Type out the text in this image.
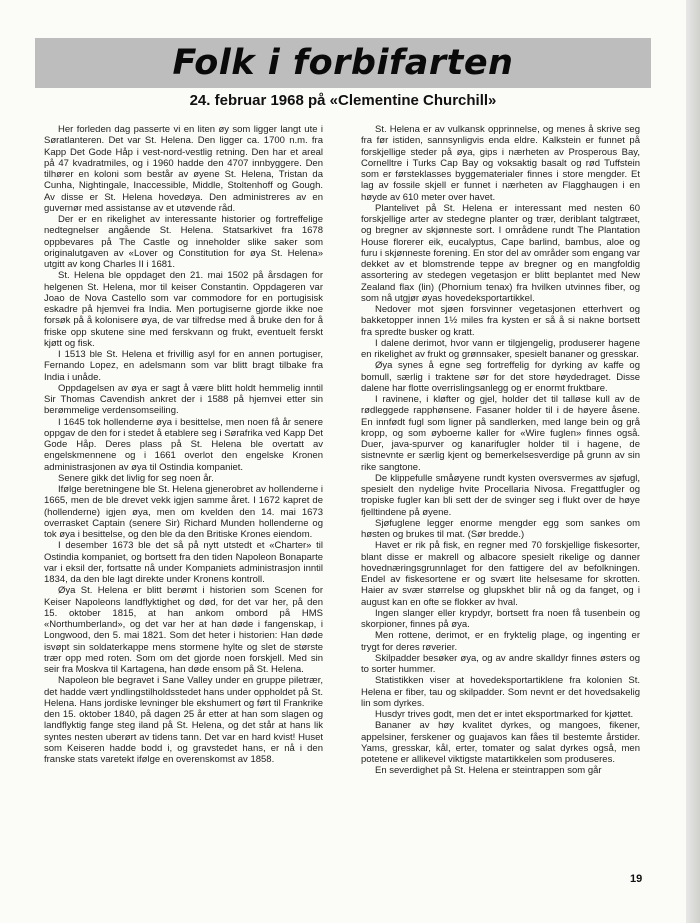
Folk i forbifarten
24. februar 1968 på «Clementine Churchill»

Her forleden dag passerte vi en liten øy som ligger langt ute i Søratlanteren. Det var St. Helena. Den ligger ca. 1700 n.m. fra Kapp Det Gode Håp i vest-nord-vestlig retning. Den har et areal på 47 kvadratmiles, og i 1960 hadde den 4707 innbyggere. Den tilhører en koloni som består av øyene St. Helena, Tristan da Cunha, Nightingale, Inaccessible, Middle, Stoltenhoff og Gough. Av disse er St. Helena hovedøya. Den administreres av en guvernør med assistanse av et utøvende råd.

Der er en rikelighet av interessante historier og fortreffelige nedtegnelser angående St. Helena. Statsarkivet fra 1678 oppbevares på The Castle og inneholder slike saker som originalutgaven av «Lover og Constitution for øya St. Helena» utgitt av kong Charles II i 1681.

St. Helena ble oppdaget den 21. mai 1502 på årsdagen for helgenen St. Helena, mor til keiser Constantin. Oppdageren var Joao de Nova Castello som var commodore for en portugisisk eskadre på hjemvei fra India. Men portugiserne gjorde ikke noe forsøk på å kolonisere øya, de var tilfredse med å bruke den for å friske opp skutene sine med ferskvann og frukt, eventuelt ferskt kjøtt og fisk.

I 1513 ble St. Helena et frivillig asyl for en annen portugiser, Fernando Lopez, en adelsmann som var blitt bragt tilbake fra India i unåde.

Oppdagelsen av øya er sagt å være blitt holdt hemmelig inntil Sir Thomas Cavendish ankret der i 1588 på hjemvei etter sin berømmelige verdensomseiling.

I 1645 tok hollenderne øya i besittelse, men noen få år senere oppgav de den for i stedet å etablere seg i Sørafrika ved Kapp Det Gode Håp. Deres plass på St. Helena ble overtatt av engelskmennene og i 1661 overlot den engelske Kronen administrasjonen av øya til Ostindia kompaniet.

Senere gikk det livlig for seg noen år.

Ifølge beretningene ble St. Helena gjenerobret av hollenderne i 1665, men de ble drevet vekk igjen samme året. I 1672 kapret de (hollenderne) igjen øya, men om kvelden den 14. mai 1673 overrasket Captain (senere Sir) Richard Munden hollenderne og tok øya i besittelse, og den ble da den Britiske Krones eiendom.

I desember 1673 ble det så på nytt utstedt et «Charter» til Ostindia kompaniet, og bortsett fra den tiden Napoleon Bonaparte var i eksil der, fortsatte nå under Kompaniets administrasjon inntil 1834, da den ble lagt direkte under Kronens kontroll.

Øya St. Helena er blitt berømt i historien som Scenen for Keiser Napoleons landflyktighet og død, for det var her, på den 15. oktober 1815, at han ankom ombord på HMS «Northumberland», og det var her at han døde i fangenskap, i Longwood, den 5. mai 1821. Som det heter i historien: Han døde isvøpt sin soldaterkappe mens stormene hylte og slet de største trær opp med roten. Som om det gjorde noen forskjell. Med sin seir fra Moskva til Kartagena, han døde ensom på St. Helena.

Napoleon ble begravet i Sane Valley under en gruppe piletrær, det hadde vært yndlingstilholdsstedet hans under oppholdet på St. Helena. Hans jordiske levninger ble ekshumert og ført til Frankrike den 15. oktober 1840, på dagen 25 år etter at han som slagen og landflyktig fange steg iland på St. Helena, og det står at hans lik syntes nesten uberørt av tidens tann. Det var en hard kvist! Huset som Keiseren hadde bodd i, og gravstedet hans, er nå i den franske stats varetekt ifølge en overenskomst av 1858.

St. Helena er av vulkansk opprinnelse, og menes å skrive seg fra før istiden, sannsynligvis enda eldre. Kalkstein er funnet på forskjellige steder på øya, gips i nærheten av Prosperous Bay, Cornelltre i Turks Cap Bay og voksaktig basalt og rød Tuffstein som er førsteklasses byggematerialer finnes i store mengder. Et lag av fossile skjell er funnet i nærheten av Flagghaugen i en høyde av 610 meter over havet.

Plantelivet på St. Helena er interessant med nesten 60 forskjellige arter av stedegne planter og trær, deriblant talgtræet, og bregner av skjønneste sort. I områdene rundt The Plantation House florerer eik, eucalyptus, Cape barlind, bambus, aloe og furu i skjønneste forening. En stor del av områder som engang var dekket av et blomstrende teppe av bregner og en mangfoldig assortering av stedegen vegetasjon er blitt beplantet med New Zealand flax (lin) (Phornium tenax) fra hvilken utvinnes fiber, og som nå utgjør øyas hovedeksportartikkel.

Nedover mot sjøen forsvinner vegetasjonen etterhvert og bakketopper innen 1½ miles fra kysten er så å si nakne bortsett fra spredte busker og kratt.

I dalene derimot, hvor vann er tilgjengelig, produserer hagene en rikelighet av frukt og grønnsaker, spesielt bananer og gresskar.

Øya synes å egne seg fortreffelig for dyrking av kaffe og bomull, særlig i traktene sør for det store høydedraget. Disse dalene har flotte overrislingsanlegg og er enormt fruktbare.

I ravinene, i kløfter og gjel, holder det til talløse kull av de rødleggede rapphønsene. Fasaner holder til i de høyere åsene. En innfødt fugl som ligner på sandlerken, med lange bein og grå kropp, og som øyboerne kaller for «Wire fuglen» finnes også. Duer, java-spurver og kanarifugler holder til i hagene, de sistnevnte er særlig kjent og bemerkelsesverdige på grunn av sin rike sangtone.

De klippefulle småøyene rundt kysten oversvermes av sjøfugl, spesielt den nydelige hvite Procellaria Nivosa. Fregattfugler og tropiske fugler kan bli sett der de svinger seg i flukt over de høye fjelltindene på øyene.

Sjøfuglene legger enorme mengder egg som sankes om høsten og brukes til mat. (Sør bredde.)

Havet er rik på fisk, en regner med 70 forskjellige fiskesorter, blant disse er makrell og albacore spesielt rikelige og danner hovednæringsgrunnlaget for den fattigere del av befolkningen. Endel av fiskesortene er og svært lite helsesame for skrotten. Haier av svær størrelse og glupskhet blir nå og da fanget, og i august kan en ofte se flokker av hval.

Ingen slanger eller krypdyr, bortsett fra noen få tusenbein og skorpioner, finnes på øya.

Men rottene, derimot, er en fryktelig plage, og ingenting er trygt for deres røverier.

Skilpadder besøker øya, og av andre skalldyr finnes østers og to sorter hummer.

Statistikken viser at hovedeksportartiklene fra kolonien St. Helena er fiber, tau og skilpadder. Som nevnt er det hovedsakelig lin som dyrkes.

Husdyr trives godt, men det er intet eksportmarked for kjøttet.

Bananer av høy kvalitet dyrkes, og mangoes, fikener, appelsiner, ferskener og guajavos kan fåes til bestemte årstider. Yams, gresskar, kål, erter, tomater og salat dyrkes også, men potetene er allikevel viktigste matartikkelen som produseres.

En severdighet på St. Helena er steintrappen som går

19
